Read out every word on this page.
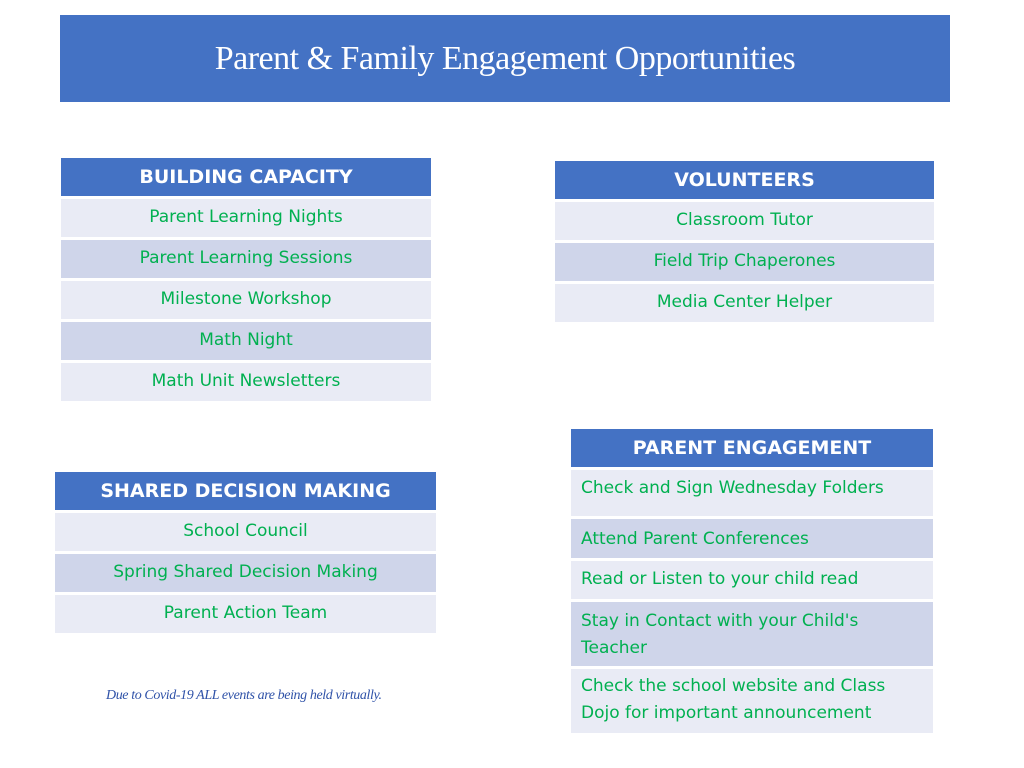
Parent & Family Engagement Opportunities
BUILDING CAPACITY

Parent Learning Nights

Parent Learning Sessions

Milestone Workshop

Math Night

Math Unit Newsletters
VOLUNTEERS

Classroom Tutor

Field Trip Chaperones

Media Center Helper
SHARED DECISION MAKING

School Council

Spring Shared Decision Making

Parent Action Team
PARENT ENGAGEMENT

Check and Sign Wednesday Folders

Attend Parent Conferences

Read or Listen to your child read

Stay in Contact with your Child's Teacher

Check the school website and Class Dojo for important announcement
Due to Covid-19 ALL events are being held virtually.
